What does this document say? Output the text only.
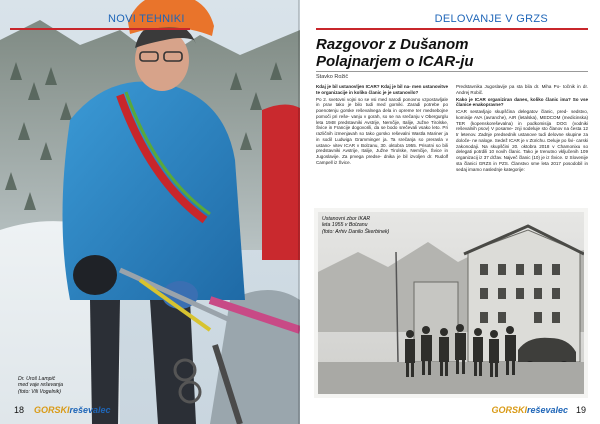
NOVI TEHNIKI
Dr. Uroš Lampič
med vaje reševanja
(foto: Vili Vogelnik)
18 GORSKIreševalec
DELOVANJE V GRZS
Razgovor z Dušanom
Polajnarjem o ICAR-ju
Stavko Rožič

Kdaj je bil ustanovljen ICAR? Kdaj je bil na- men ustanovitve te organizacije in koliko članic je je ustanovilo?

Po 2. svetovni vojni so se vsi med narodi ponovno vzpostavljale in prav tako je bilo tudi med gorniki. Zaradi potrebe po poenotenju gorske reševalnega dela in opreme ter medsebojne pomoči pri reše- vanju v gorah, so se na srečanju v Obergurglu leta 1948 predstavniki Avstrije, Nemčije, Italije, Južne Tirolske, Švice in Francije dogovorili, da se bodo srečevali vsako leto. Pri različnih izmenjavah so tako gorsko reševalni Wastla Mariner ja in sodil Ludwiga Gramminger ja. Ta srečanja so prerasla v ustano- vitev ICAR v Bolzanu, 30. oktobra 1955. Prisotni so bili predstavniki Avstrije, Italije, Južne Tirolske, Nemčije, Švice in Jugoslavije. Za prvega predse- dnika je bil izvoljen dr. Rudolf Campell iz Švice.

Predstavnika Jugoslavije pa sta bila dr. Miha Po- točnik in dr. Andrej Robič.

Kako je ICAR organiziran danes, koliko članic ima? So vse članice enakopravne?

ICAR sestavljajo skupščina delegatov članic, pred- sedstvo, komisije AVA (avranche), AIR (letalska), MEDCOM (medicinska) TER (kopenskoreševalna) in podkomisija DOG (vodniki reševalnih psov) V posame- znji sodeluje sto članov na česta 12 tr letenov. Zadnje predsednik ustanove tudi delovne skupine za določe- ne naloge. Sedež ICAR je v Zürichu. Deluje po švi- carski zakonodaji. Na skupščini 20. oktobra 2018 v Chamonixu so delegati potrdili 10 novih članic. Tako je trenutno vključenih 109 organizacij iz 37 držav. Največ članic (10) je iz Švice. Iz Slovenije sta članici GRZS in PZS. Članstvo sme leta 2017 posodobil in sedaj imamo naslednje kategorije:

Ustanovni zbor IKAR
leta 1955 v Bolzanu
(foto: Arhiv Danilo Škerbinek)
GORSKIreševalec 19
